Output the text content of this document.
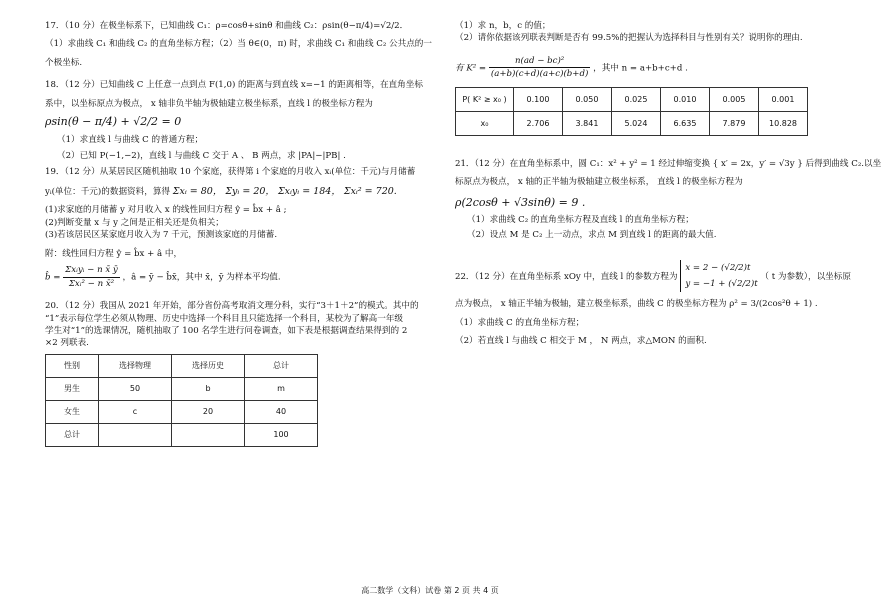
17．（10 分）在极坐标系下，已知曲线 C₁：ρ=cosθ+sinθ 和曲线 C₂：ρsin(θ−π/4)=√2/2．

（1）求曲线 C₁ 和曲线 C₂ 的直角坐标方程；（2）当 θ∈(0，π) 时，求曲线 C₁ 和曲线 C₂ 公共点的一

个极坐标.

18．（12 分）已知曲线 C 上任意一点到点 F(1,0) 的距离与到直线 x=−1 的距离相等，在直角坐标

系中，以坐标原点为极点， x 轴非负半轴为极轴建立极坐标系，直线 l 的极坐标方程为

ρsin(θ − π/4) + √2/2 = 0

（1）求直线 l 与曲线 C 的普通方程；

（2）已知 P(−1,−2)，直线 l 与曲线 C 交于 A 、 B 两点，求 |PA|−|PB| .

19．（12 分）从某居民区随机抽取 10 个家庭，获得第 i 个家庭的月收入 xᵢ(单位：千元)与月储蓄

yᵢ(单位：千元)的数据资料，算得 Σxᵢ = 80， Σyᵢ = 20， Σxᵢyᵢ = 184， Σxᵢ² = 720.

(1)求家庭的月储蓄 y 对月收入 x 的线性回归方程 ŷ = b̂x + â ;

(2)判断变量 x 与 y 之间是正相关还是负相关；

(3)若该居民区某家庭月收入为 7 千元，预测该家庭的月储蓄.

附：线性回归方程 ŷ = b̂x + â 中，

b̂ = $\frac{\text{Σxᵢyᵢ − n x̄ ȳ}}{\text{Σxᵢ² − n x̄²}}$ ，â = ȳ − b̂x̄，其中 x̄，ȳ 为样本平均值.

20．（12 分）我国从 2021 年开始，部分省份高考取消文理分科，实行“3＋1＋2”的模式。其中的

“1”表示每位学生必须从物理、历史中选择一个科目且只能选择一个科目，某校为了解高一年级

学生对“1”的选课情况，随机抽取了 100 名学生进行问卷调查，如下表是根据调查结果得到的 2

×2 列联表.

性别	选择物理	选择历史	总计
男生	50	b	m
女生	c	20	40
总计			100

（1）求 n，b，c 的值；

（2）请你依据该列联表判断是否有 99.5%的把握认为选择科目与性别有关？说明你的理由.

有 $K^2 = \frac{\text{n(ad − bc)²}}{(a+b)(c+d)(a+c)(b+d)}$ ，其中 n = a+b+c+d .
P( K² ≥ x₀ )	0.100	0.050	0.025	0.010	0.005	0.001
x₀	2.706	3.841	5.024	6.635	7.879	10.828

21．（12 分）在直角坐标系中，圆 C₁：x² + y² = 1 经过伸缩变换 { x′ = 2x，y′ = √3y } 后得到曲线 C₂.以坐

标原点为极点， x 轴的正半轴为极轴建立极坐标系， 直线 l 的极坐标方程为

ρ(2cosθ + √3sinθ) = 9 .

（1）求曲线 C₂ 的直角坐标方程及直线 l 的直角坐标方程；

（2）设点 M 是 C₂ 上一动点，求点 M 到直线 l 的距离的最大值.

22．（12 分）在直角坐标系 xOy 中，直线 l 的参数方程为
x = 2 − (√2/2)t
y = −1 + (√2/2)t
（ t 为参数），以坐标原

点为极点， x 轴正半轴为极轴，建立极坐标系，曲线 C 的极坐标方程为 ρ² = 3/(2cos²θ + 1) .

（1）求曲线 C 的直角坐标方程；

（2）若直线 l 与曲线 C 相交于 M ， N 两点，求△MON 的面积.

高二数学（文科）试卷 第 2 页 共 4 页
